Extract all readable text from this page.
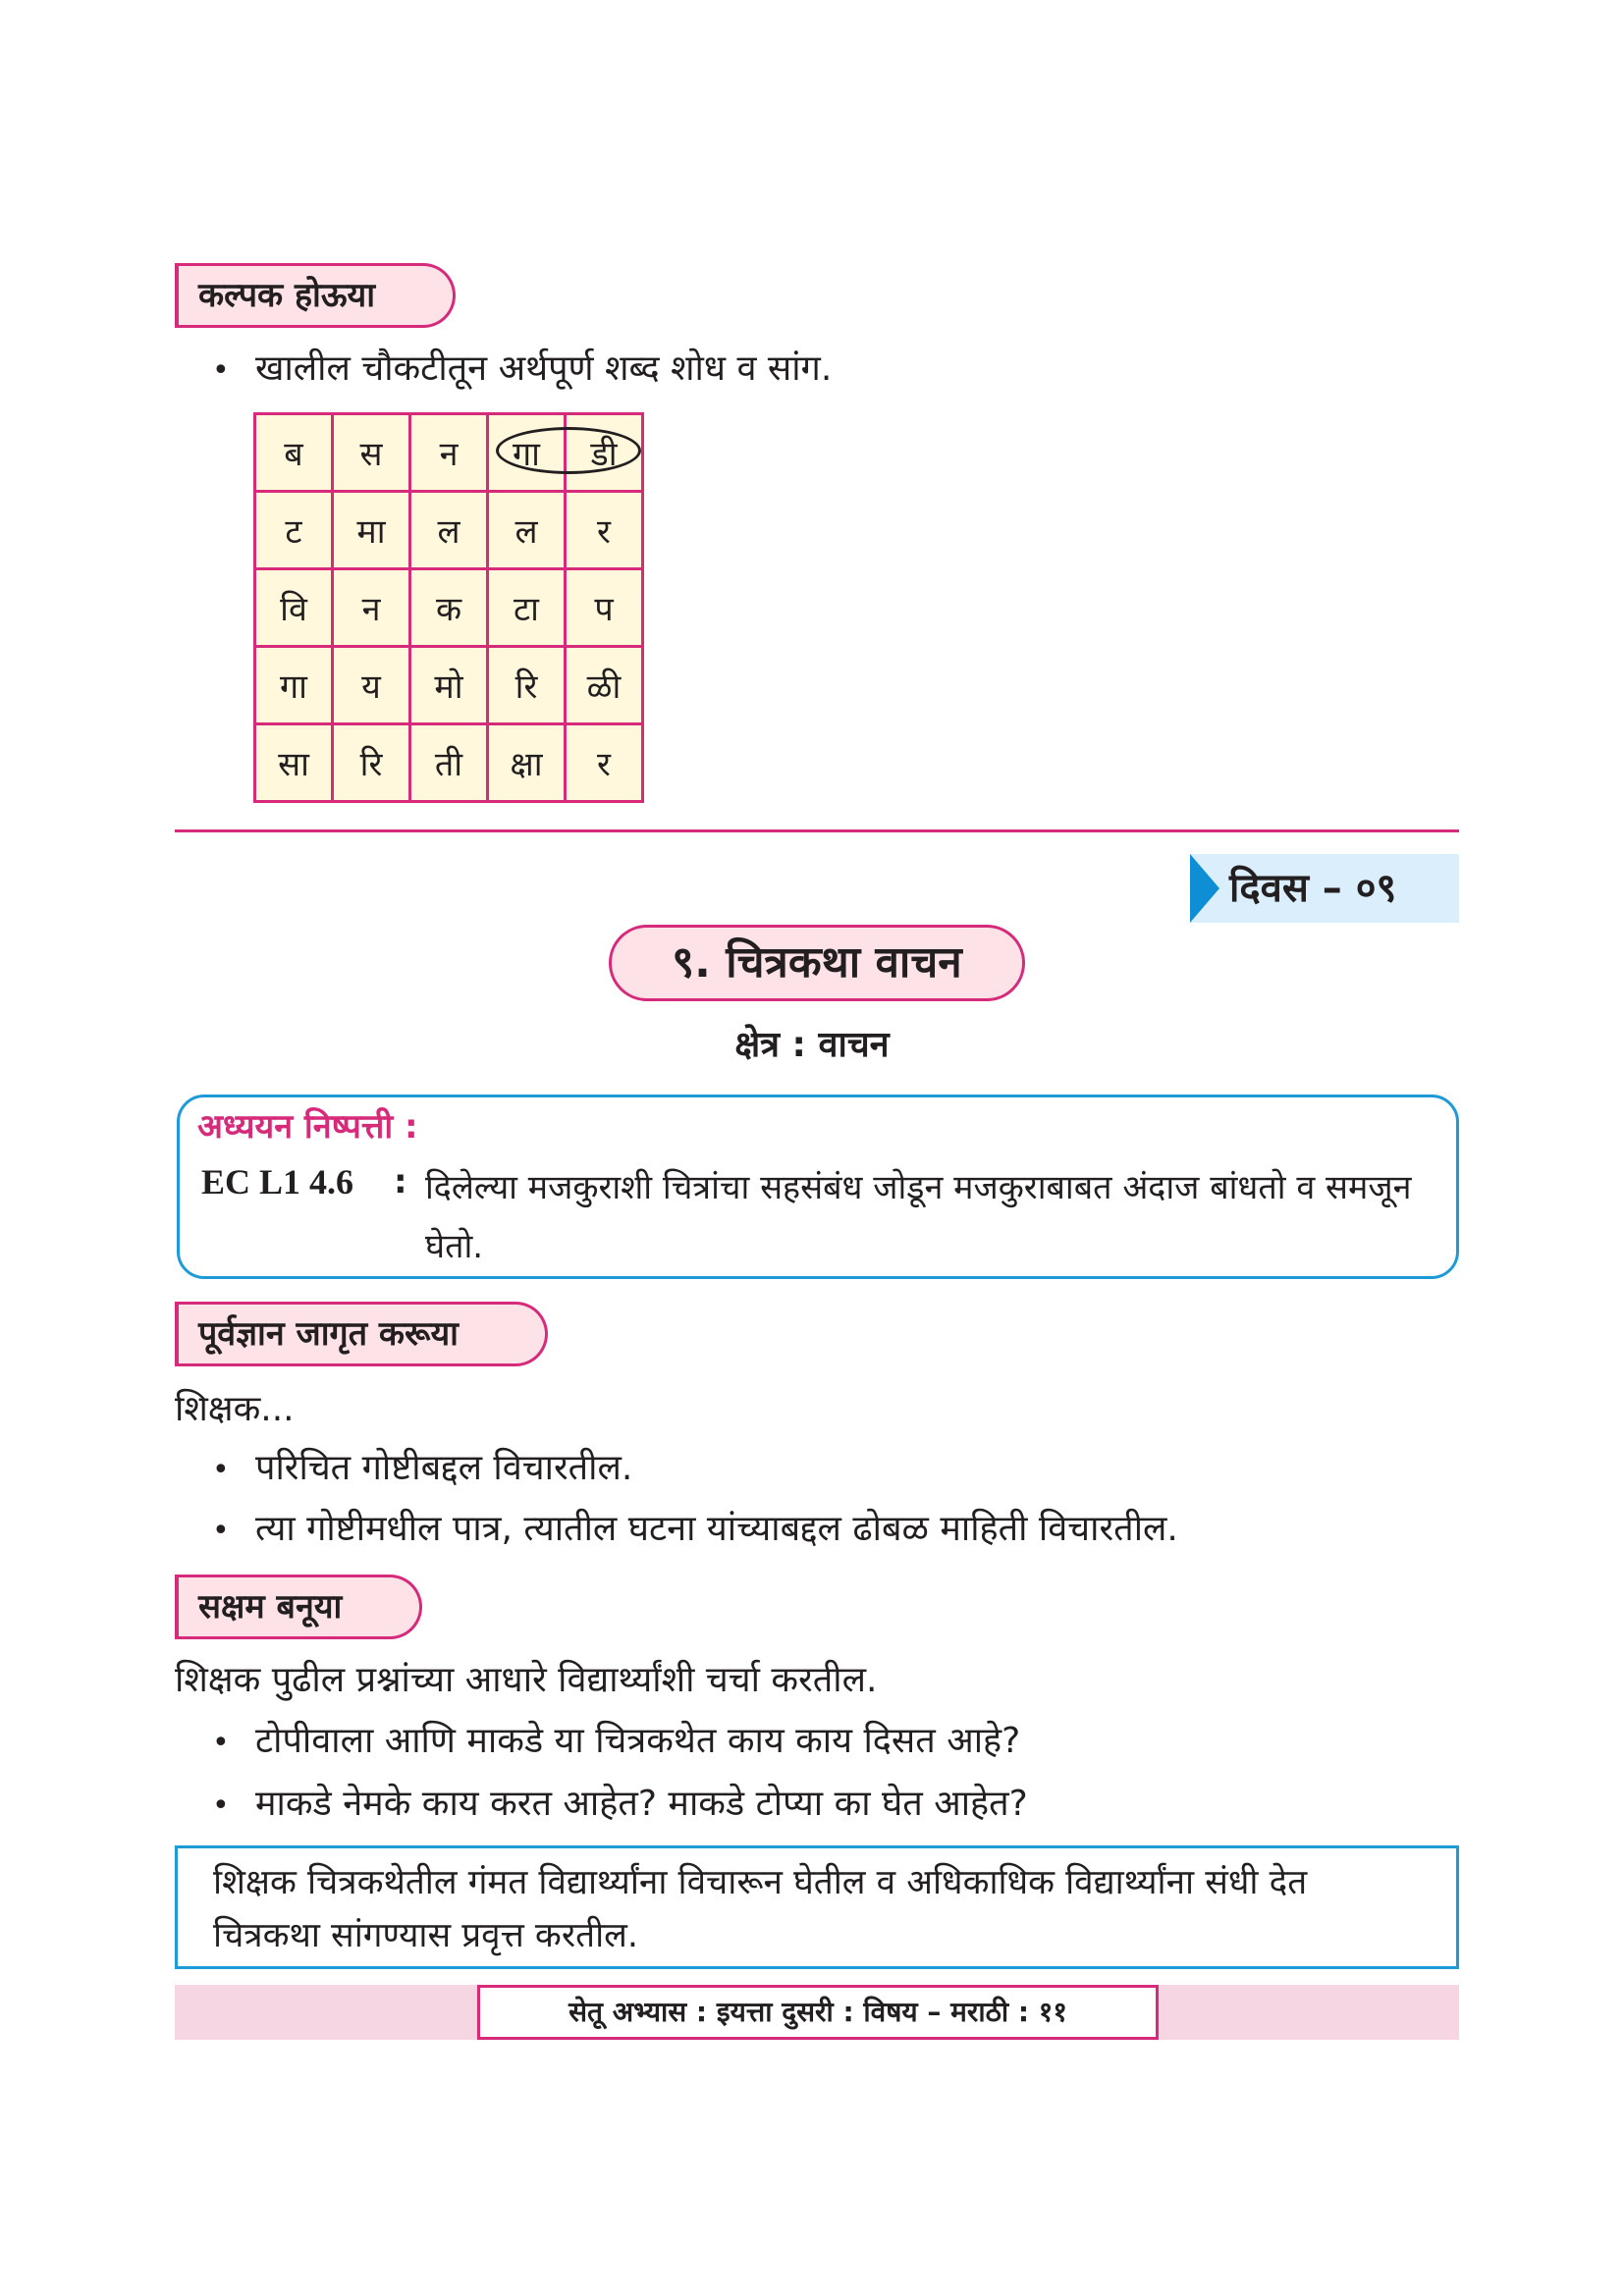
कल्पक होऊया
• खालील चौकटीतून अर्थपूर्ण शब्द शोध व सांग.
ब	स	न	गा	डी
ट	मा	ल	ल	र
वि	न	क	टा	प
गा	य	मो	रि	ळी
सा	रि	ती	क्षा	र
दिवस – ०९
९. चित्रकथा वाचन
क्षेत्र : वाचन
अध्ययन निष्पत्ती :
EC L1 4.6 : दिलेल्या मजकुराशी चित्रांचा सहसंबंध जोडून मजकुराबाबत अंदाज बांधतो व समजून घेतो.
पूर्वज्ञान जागृत करूया
शिक्षक...
• परिचित गोष्टीबद्दल विचारतील.
• त्या गोष्टीमधील पात्र, त्यातील घटना यांच्याबद्दल ढोबळ माहिती विचारतील.
सक्षम बनूया
शिक्षक पुढील प्रश्नांच्या आधारे विद्यार्थ्यांशी चर्चा करतील.
• टोपीवाला आणि माकडे या चित्रकथेत काय काय दिसत आहे?
• माकडे नेमके काय करत आहेत? माकडे टोप्या का घेत आहेत?
शिक्षक चित्रकथेतील गंमत विद्यार्थ्यांना विचारून घेतील व अधिकाधिक विद्यार्थ्यांना संधी देत चित्रकथा सांगण्यास प्रवृत्त करतील.
सेतू अभ्यास : इयत्ता दुसरी : विषय – मराठी : ११
